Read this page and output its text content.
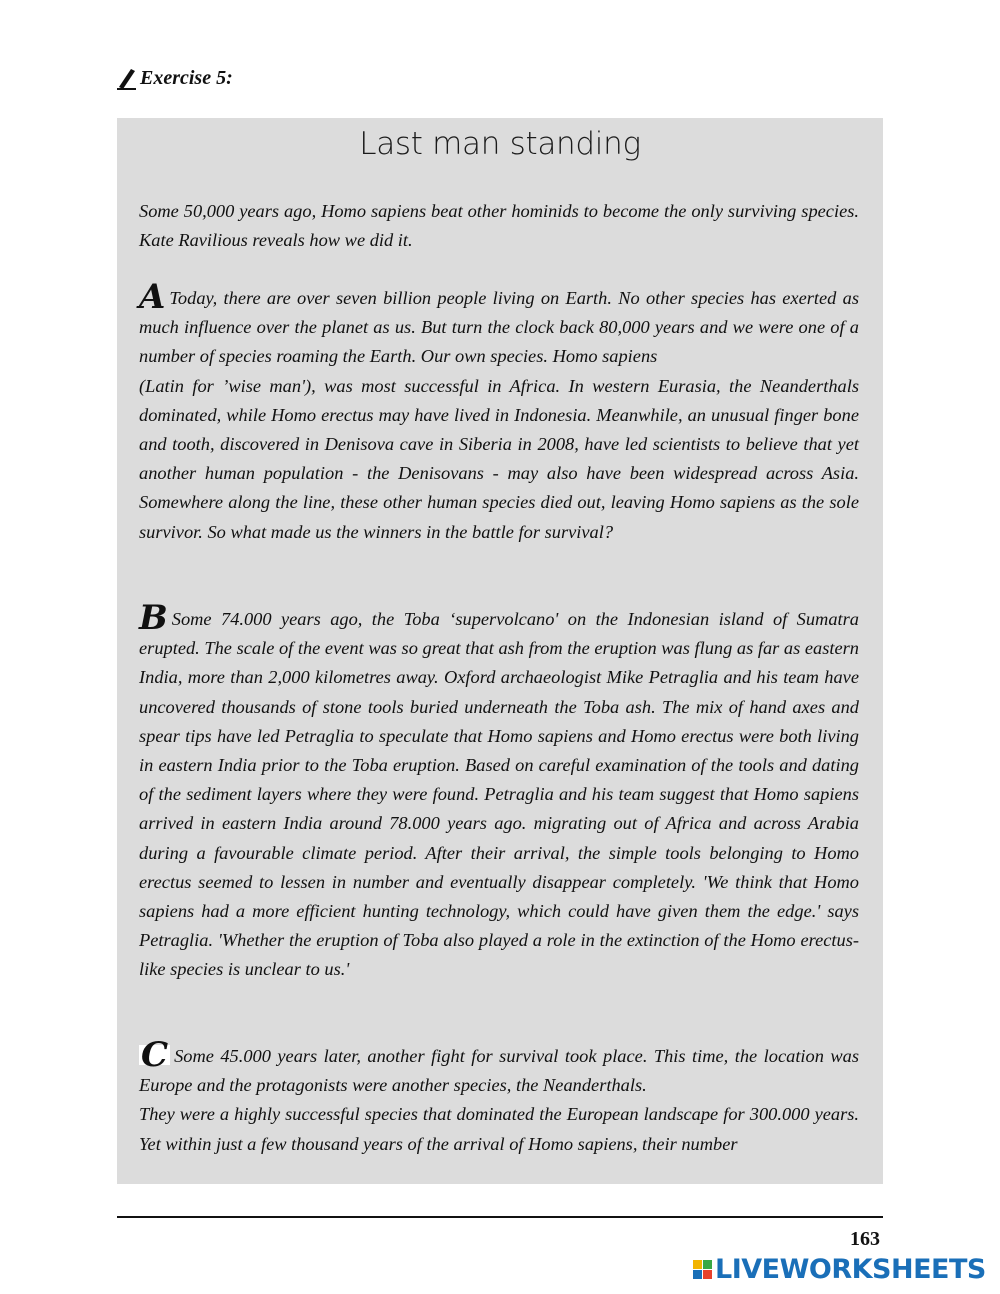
Exercise 5:
Last man standing
Some 50,000 years ago, Homo sapiens beat other hominids to become the only surviving species. Kate Ravilious reveals how we did it.
A Today, there are over seven billion people living on Earth. No other species has exerted as much influence over the planet as us. But turn the clock back 80,000 years and we were one of a number of species roaming the Earth. Our own species. Homo sapiens
(Latin for ’wise man'), was most successful in Africa. In western Eurasia, the Neanderthals dominated, while Homo erectus may have lived in Indonesia. Meanwhile, an unusual finger bone and tooth, discovered in Denisova cave in Siberia in 2008, have led scientists to believe that yet another human population - the Denisovans - may also have been widespread across Asia. Somewhere along the line, these other human species died out, leaving Homo sapiens as the sole survivor. So what made us the winners in the battle for survival?
B Some 74.000 years ago, the Toba ‘supervolcano' on the Indonesian island of Sumatra erupted. The scale of the event was so great that ash from the eruption was flung as far as eastern India, more than 2,000 kilometres away. Oxford archaeologist Mike Petraglia and his team have uncovered thousands of stone tools buried underneath the Toba ash. The mix of hand axes and spear tips have led Petraglia to speculate that Homo sapiens and Homo erectus were both living in eastern India prior to the Toba eruption. Based on careful examination of the tools and dating of the sediment layers where they were found. Petraglia and his team suggest that Homo sapiens arrived in eastern India around 78.000 years ago. migrating out of Africa and across Arabia during a favourable climate period. After their arrival, the simple tools belonging to Homo erectus seemed to lessen in number and eventually disappear completely. 'We think that Homo sapiens had a more efficient hunting technology, which could have given them the edge.' says Petraglia. 'Whether the eruption of Toba also played a role in the extinction of the Homo erectus-like species is unclear to us.'
C Some 45.000 years later, another fight for survival took place. This time, the location was Europe and the protagonists were another species, the Neanderthals.
They were a highly successful species that dominated the European landscape for 300.000 years. Yet within just a few thousand years of the arrival of Homo sapiens, their number
163
LIVEWORKSHEETS
